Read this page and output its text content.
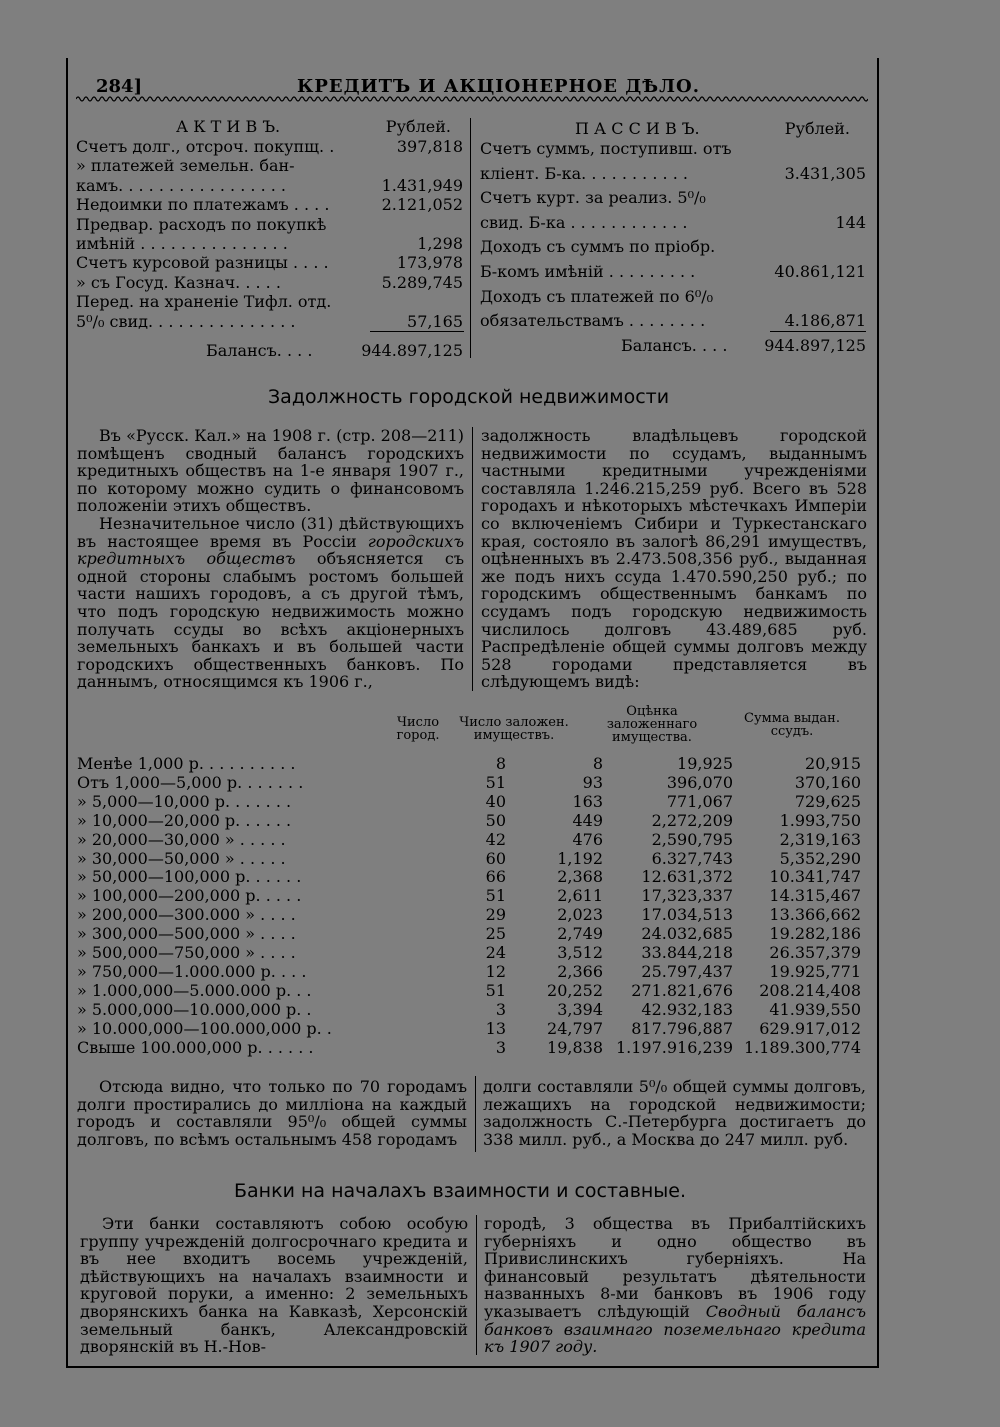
284]	КРЕДИТЪ И АКЦIОНЕРНОЕ ДѢЛО.
А К Т И В Ъ.	Рублей.
Счетъ долг., отсроч. покупщ. .	397,818
» платежей земельн. бан-
камъ. . . . . . . . . . . . . . . . .	1.431,949
Недоимки по платежамъ . . . .	2.121,052
Предвар. расходъ по покупкѣ
имѣнiй . . . . . . . . . . . . . . .	1,298
Счетъ курсовой разницы . . . .	173,978
» съ Госуд. Казнач. . . . .	5.289,745
Перед. на храненiе Тифл. отд.
5⁰/₀ свид. . . . . . . . . . . . . . .	57,165
Балансъ. . . .	944.897,125
П А С С И В Ъ.	Рублей.
Счетъ суммъ, поступивш. отъ
клiент. Б-ка. . . . . . . . . . .	3.431,305
Счетъ курт. за реализ. 5⁰/₀
свид. Б-ка . . . . . . . . . . . .	144
Доходъ съ суммъ по прiобр.
Б-комъ имѣнiй . . . . . . . . .	40.861,121
Доходъ съ платежей по 6⁰/₀
обязательствамъ . . . . . . . .	4.186,871
Балансъ. . . . 944.897,125
Задолжность городской недвижимости

Въ «Русск. Кал.» на 1908 г. (стр. 208—211) помѣщенъ сводный балансъ городскихъ кредитныхъ обществъ на 1-е января 1907 г., по которому можно судить о финансовомъ положенiи этихъ обществъ.

Незначительное число (31) дѣйствующихъ въ настоящее время въ Россiи городскихъ кредитныхъ обществъ объясняется съ одной стороны слабымъ ростомъ большей части нашихъ городовъ, а съ другой тѣмъ, что подъ городскую недвижимость можно получать ссуды во всѣхъ акцiонерныхъ земельныхъ банкахъ и въ большей части городскихъ общественныхъ банковъ. По даннымъ, относящимся къ 1906 г.,

задолжность владѣльцевъ городской недвижимости по ссудамъ, выданнымъ частными кредитными учрежденiями составляла 1.246.215,259 руб. Всего въ 528 городахъ и нѣкоторыхъ мѣстечкахъ Имперiи со включенiемъ Сибири и Туркестанскаго края, состояло въ залогѣ 86,291 имуществъ, оцѣненныхъ въ 2.473.508,356 руб., выданная же подъ нихъ ссуда 1.470.590,250 руб.; по городскимъ общественнымъ банкамъ по ссудамъ подъ городскую недвижимость числилось долговъ 43.489,685 руб. Распредѣленiе общей суммы долговъ между 528 городами представляется въ слѣдующемъ видѣ:

Число город.
Число заложен. имуществъ.
Оцѣнка заложеннаго имущества.
Сумма выдан. ссудъ.
Менѣе 1,000 р. . . . . . . . . .	8	8	19,925	20,915
Отъ 1,000—5,000 р. . . . . . .	51	93	396,070	370,160
» 5,000—10,000 р. . . . . . .	40	163	771,067	729,625
» 10,000—20,000 р. . . . . .	50	449	2,272,209	1.993,750
» 20,000—30,000 » . . . . .	42	476	2,590,795	2,319,163
» 30,000—50,000 » . . . . .	60	1,192	6.327,743	5,352,290
» 50,000—100,000 р. . . . . .	66	2,368	12.631,372	10.341,747
» 100,000—200,000 р. . . . .	51	2,611	17,323,337	14.315,467
» 200,000—300.000 » . . . .	29	2,023	17.034,513	13.366,662
» 300,000—500,000 » . . . .	25	2,749	24.032,685	19.282,186
» 500,000—750,000 » . . . .	24	3,512	33.844,218	26.357,379
» 750,000—1.000.000 р. . . .	12	2,366	25.797,437	19.925,771
» 1.000,000—5.000.000 р. . .	51	20,252	271.821,676	208.214,408
» 5.000,000—10.000,000 р. .	3	3,394	42.932,183	41.939,550
» 10.000,000—100.000,000 р. .	13	24,797	817.796,887	629.917,012
Свыше 100.000,000 р. . . . . .	3	19,838 1.197.916,239 1.189.300,774

Отсюда видно, что только по 70 городамъ долги простирались до милліона на каждый городъ и составляли 95⁰/₀ общей суммы долговъ, по всѣмъ остальнымъ 458 городамъ

долги составляли 5⁰/₀ общей суммы долговъ, лежащихъ на городской недвижимости; задолжность С.-Петербурга достигаетъ до 338 милл. руб., а Москва до 247 милл. руб.

Банки на началахъ взаимности и составные.

Эти банки составляютъ собою особую группу учрежденiй долгосрочнаго кредита и въ нее входитъ восемь учрежденiй, дѣйствующихъ на началахъ взаимности и круговой поруки, а именно: 2 земельныхъ дворянскихъ банка на Кавказѣ, Херсонскiй земельный банкъ, Александровскiй дворянскiй въ Н.-Нов-

городѣ, 3 общества въ Прибалтiйскихъ губернiяхъ и одно общество въ Привислинскихъ губернiяхъ. На финансовый результатъ дѣятельности названныхъ 8-ми банковъ въ 1906 году указываетъ слѣдующiй Сводный балансъ банковъ взаимнаго поземельнаго кредита къ 1907 году.
